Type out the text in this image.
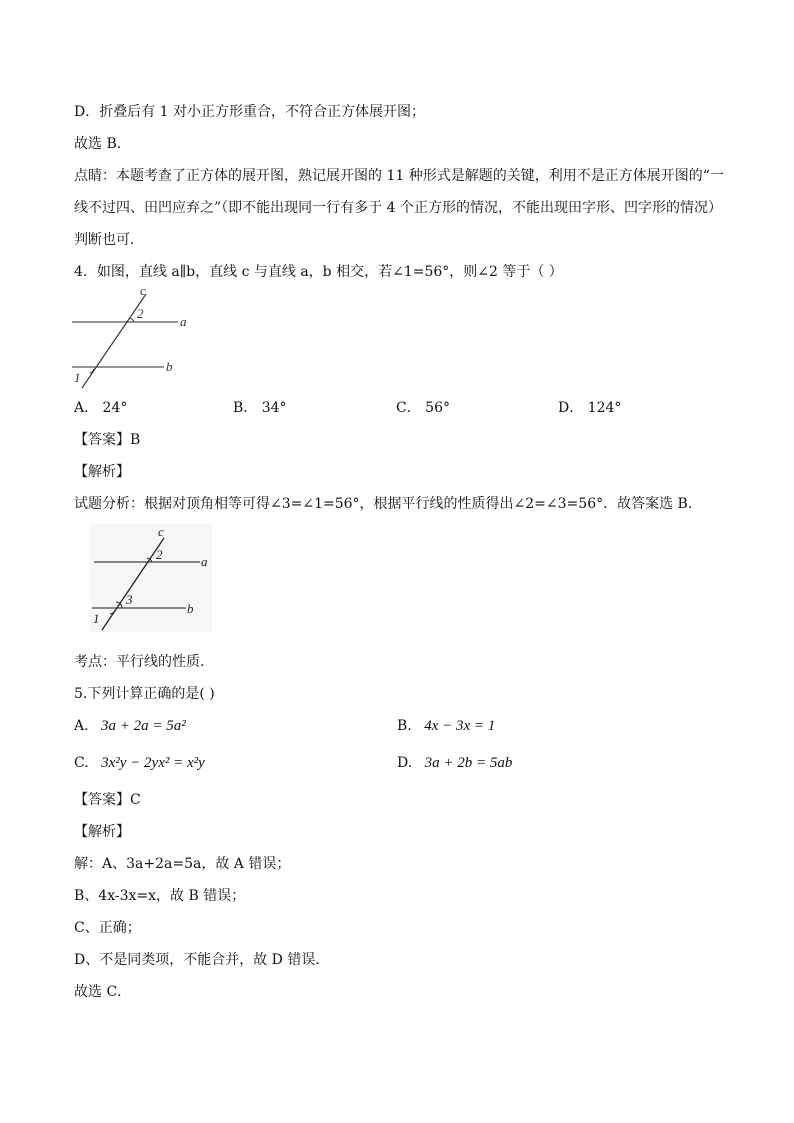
D．折叠后有 1 对小正方形重合，不符合正方体展开图；
故选 B．
点睛：本题考查了正方体的展开图，熟记展开图的 11 种形式是解题的关键，利用不是正方体展开图的“一
线不过四、田凹应弃之”（即不能出现同一行有多于 4 个正方形的情况，不能出现田字形、凹字形的情况）
判断也可．
4．如图，直线 a∥b，直线 c 与直线 a，b 相交，若∠1=56°，则∠2 等于（ ）
c
2
a
b
1
A． 24°	B． 34°	C． 56°	D． 124°
【答案】B
【解析】
试题分析：根据对顶角相等可得∠3=∠1=56°，根据平行线的性质得出∠2=∠3=56°．故答案选 B.
c
2	a
3
b
1
考点：平行线的性质.
5.下列计算正确的是( )
A. 3a + 2a = 5a²	B. 4x − 3x = 1
C. 3x²y − 2yx² = x²y	D. 3a + 2b = 5ab
【答案】C
【解析】
解：A、3a+2a=5a，故 A 错误；
B、4x-3x=x，故 B 错误；
C、正确；
D、不是同类项，不能合并，故 D 错误．
故选 C．
